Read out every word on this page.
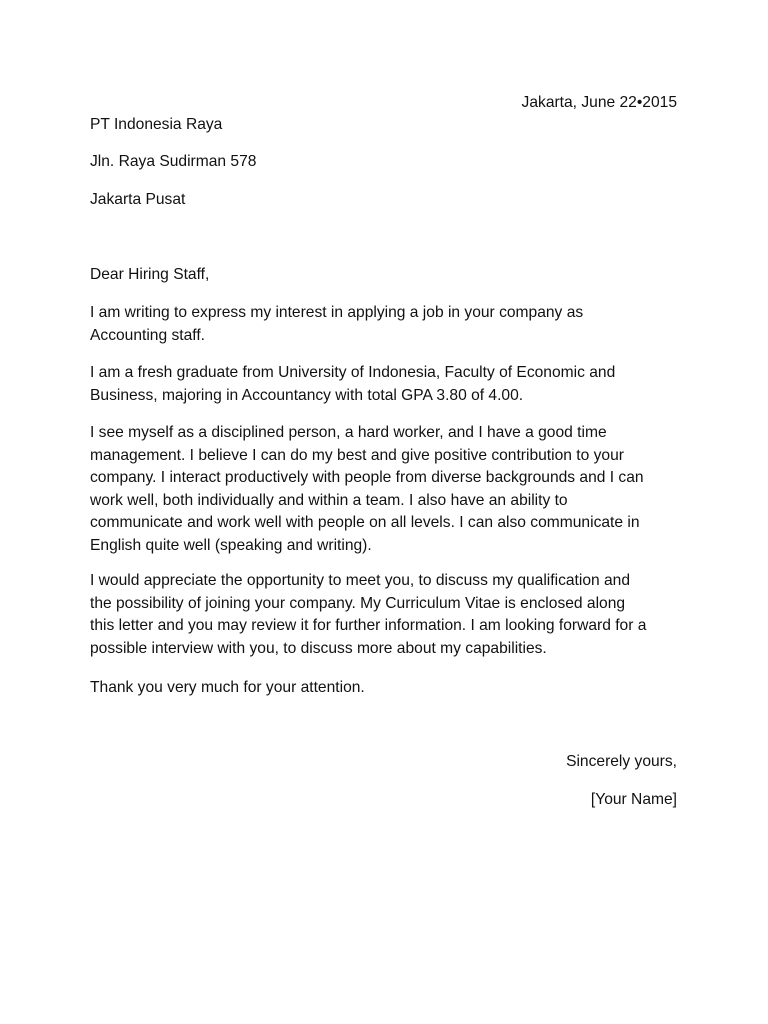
Jakarta, June 22•2015
PT Indonesia Raya
Jln. Raya Sudirman 578
Jakarta Pusat
Dear Hiring Staff,
I am writing to express my interest in applying a job in your company as
Accounting staff.
I am a fresh graduate from University of Indonesia, Faculty of Economic and
Business, majoring in Accountancy with total GPA 3.80 of 4.00.
I see myself as a disciplined person, a hard worker, and I have a good time
management. I believe I can do my best and give positive contribution to your
company. I interact productively with people from diverse backgrounds and I can
work well, both individually and within a team. I also have an ability to
communicate and work well with people on all levels. I can also communicate in
English quite well (speaking and writing).
I would appreciate the opportunity to meet you, to discuss my qualification and
the possibility of joining your company. My Curriculum Vitae is enclosed along
this letter and you may review it for further information. I am looking forward for a
possible interview with you, to discuss more about my capabilities.
Thank you very much for your attention.
Sincerely yours,
[Your Name]
